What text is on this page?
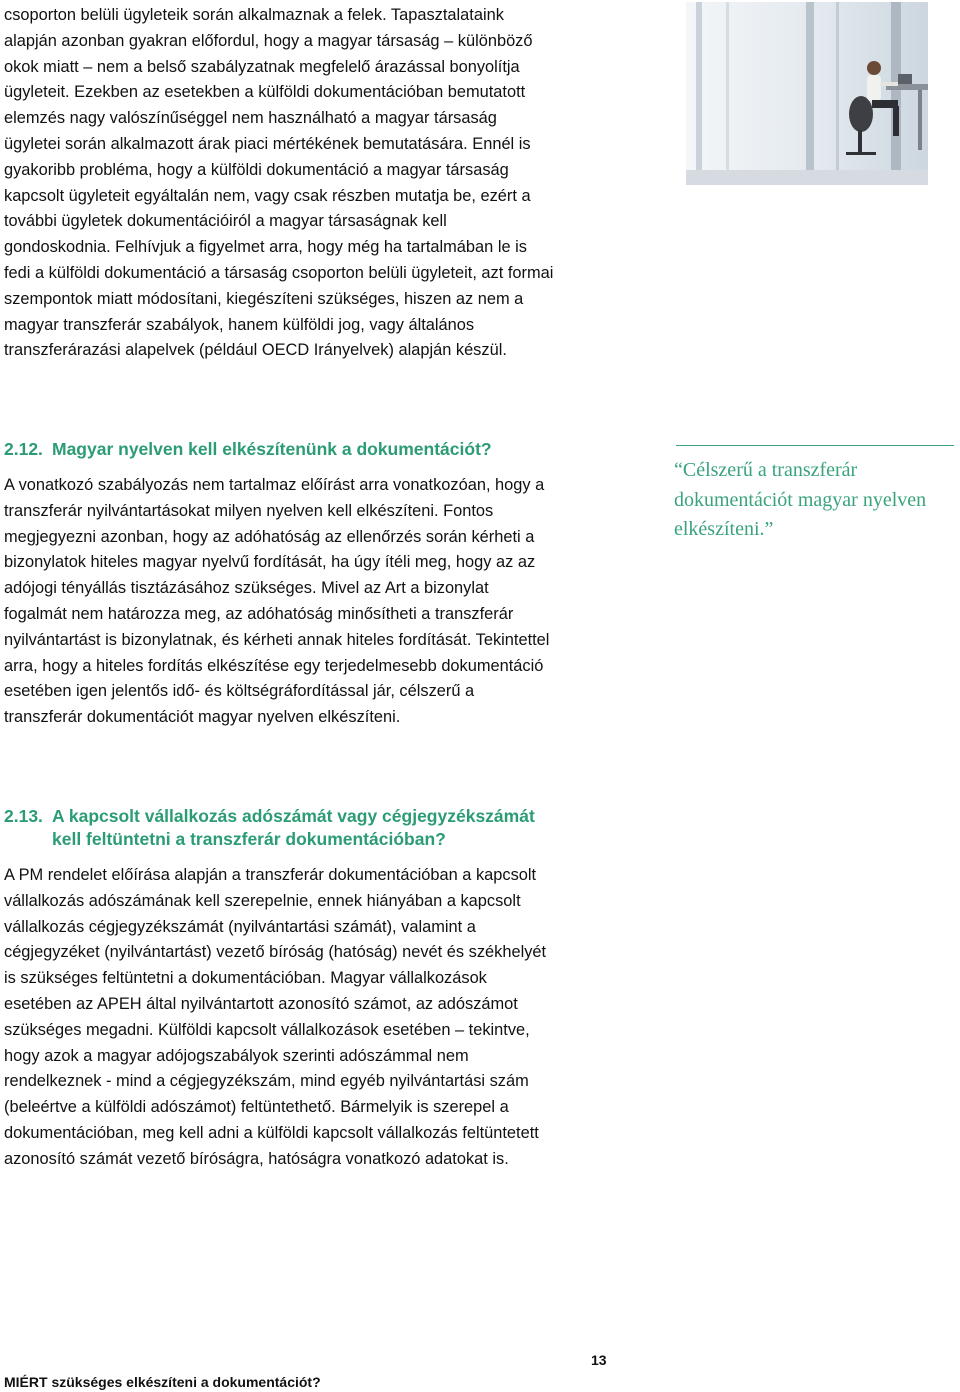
csoporton belüli ügyleteik során alkalmaznak a felek. Tapasztalataink
alapján azonban gyakran előfordul, hogy a magyar társaság – különböző
okok miatt – nem a belső szabályzatnak megfelelő árazással bonyolítja
ügyleteit. Ezekben az esetekben a külföldi dokumentációban bemutatott
elemzés nagy valószínűséggel nem használható a magyar társaság
ügyletei során alkalmazott árak piaci mértékének bemutatására. Ennél is
gyakoribb probléma, hogy a külföldi dokumentáció a magyar társaság
kapcsolt ügyleteit egyáltalán nem, vagy csak részben mutatja be, ezért a
további ügyletek dokumentációiról a magyar társaságnak kell
gondoskodnia. Felhívjuk a figyelmet arra, hogy még ha tartalmában le is
fedi a külföldi dokumentáció a társaság csoporton belüli ügyleteit, azt formai
szempontok miatt módosítani, kiegészíteni szükséges, hiszen az nem a
magyar transzferár szabályok, hanem külföldi jog, vagy általános
transzferárazási alapelvek (például OECD Irányelvek) alapján készül.
2.12. Magyar nyelven kell elkészítenünk a dokumentációt?
A vonatkozó szabályozás nem tartalmaz előírást arra vonatkozóan, hogy a
transzferár nyilvántartásokat milyen nyelven kell elkészíteni. Fontos
megjegyezni azonban, hogy az adóhatóság az ellenőrzés során kérheti a
bizonylatok hiteles magyar nyelvű fordítását, ha úgy ítéli meg, hogy az az
adójogi tényállás tisztázásához szükséges. Mivel az Art a bizonylat
fogalmát nem határozza meg, az adóhatóság minősítheti a transzferár
nyilvántartást is bizonylatnak, és kérheti annak hiteles fordítását. Tekintettel
arra, hogy a hiteles fordítás elkészítése egy terjedelmesebb dokumentáció
esetében igen jelentős idő- és költségráfordítással jár, célszerű a
transzferár dokumentációt magyar nyelven elkészíteni.
“Célszerű a transzferár
dokumentációt magyar nyelven
elkészíteni.”
2.13. A kapcsolt vállalkozás adószámát vagy cégjegyzékszámát
kell feltüntetni a transzferár dokumentációban?
A PM rendelet előírása alapján a transzferár dokumentációban a kapcsolt
vállalkozás adószámának kell szerepelnie, ennek hiányában a kapcsolt
vállalkozás cégjegyzékszámát (nyilvántartási számát), valamint a
cégjegyzéket (nyilvántartást) vezető bíróság (hatóság) nevét és székhelyét
is szükséges feltüntetni a dokumentációban. Magyar vállalkozások
esetében az APEH által nyilvántartott azonosító számot, az adószámot
szükséges megadni. Külföldi kapcsolt vállalkozások esetében – tekintve,
hogy azok a magyar adójogszabályok szerinti adószámmal nem
rendelkeznek - mind a cégjegyzékszám, mind egyéb nyilvántartási szám
(beleértve a külföldi adószámot) feltüntethető. Bármelyik is szerepel a
dokumentációban, meg kell adni a külföldi kapcsolt vállalkozás feltüntetett
azonosító számát vezető bíróságra, hatóságra vonatkozó adatokat is.
13
MIÉRT szükséges elkészíteni a dokumentációt?
